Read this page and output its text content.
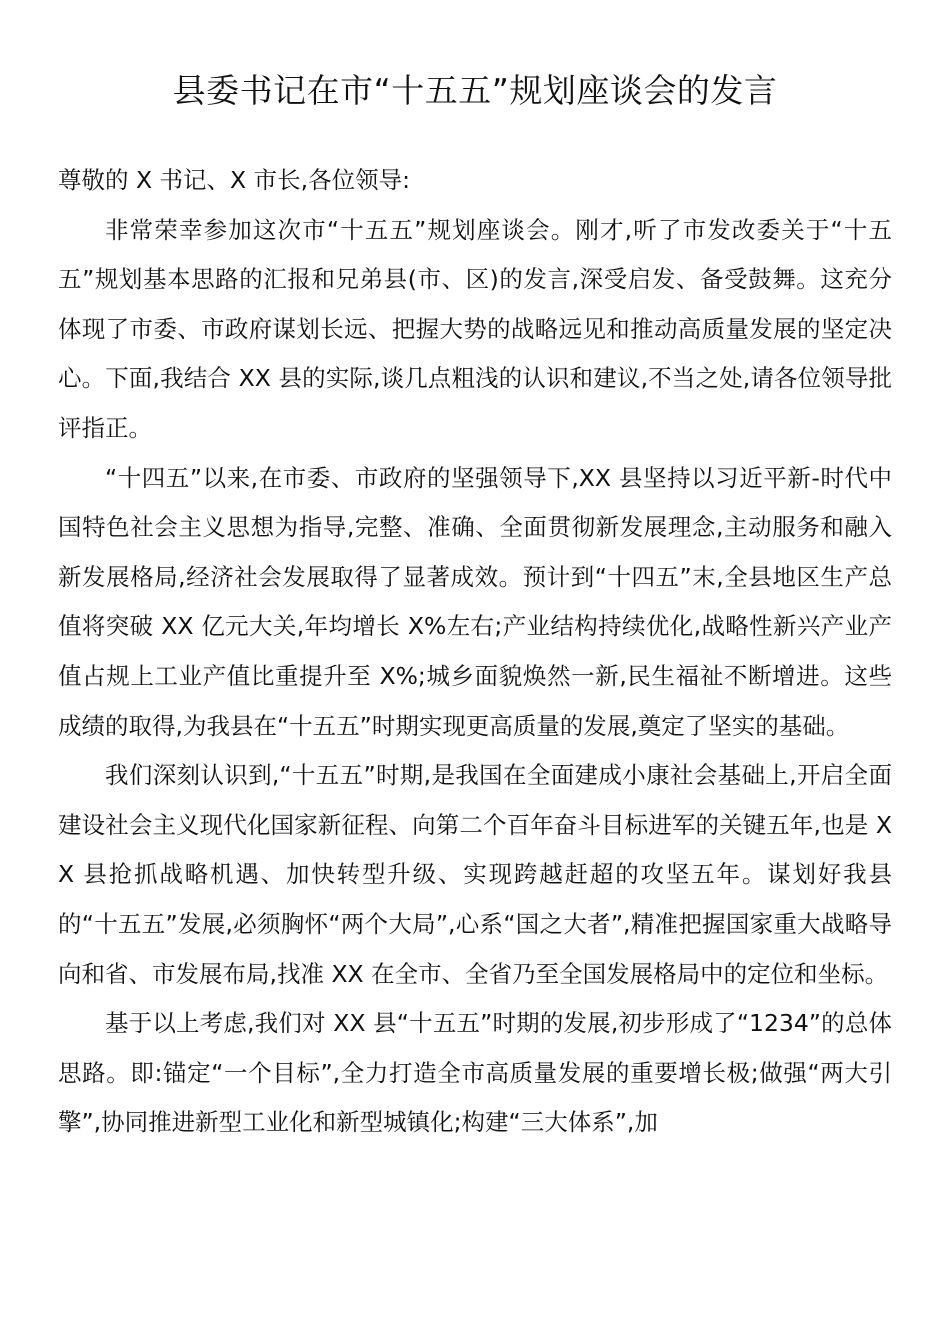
县委书记在市“十五五”规划座谈会的发言

尊敬的 X 书记、X 市长,各位领导:

非常荣幸参加这次市“十五五”规划座谈会。刚才,听了市发改委关于“十五五”规划基本思路的汇报和兄弟县(市、区)的发言,深受启发、备受鼓舞。这充分体现了市委、市政府谋划长远、把握大势的战略远见和推动高质量发展的坚定决心。下面,我结合 XX 县的实际,谈几点粗浅的认识和建议,不当之处,请各位领导批评指正。

“十四五”以来,在市委、市政府的坚强领导下,XX 县坚持以习近平新-时代中国特色社会主义思想为指导,完整、准确、全面贯彻新发展理念,主动服务和融入新发展格局,经济社会发展取得了显著成效。预计到“十四五”末,全县地区生产总值将突破 XX 亿元大关,年均增长 X%左右;产业结构持续优化,战略性新兴产业产值占规上工业产值比重提升至 X%;城乡面貌焕然一新,民生福祉不断增进。这些成绩的取得,为我县在“十五五”时期实现更高质量的发展,奠定了坚实的基础。

我们深刻认识到,“十五五”时期,是我国在全面建成小康社会基础上,开启全面建设社会主义现代化国家新征程、向第二个百年奋斗目标进军的关键五年,也是 XX 县抢抓战略机遇、加快转型升级、实现跨越赶超的攻坚五年。谋划好我县的“十五五”发展,必须胸怀“两个大局”,心系“国之大者”,精准把握国家重大战略导向和省、市发展布局,找准 XX 在全市、全省乃至全国发展格局中的定位和坐标。

基于以上考虑,我们对 XX 县“十五五”时期的发展,初步形成了“1234”的总体思路。即:锚定“一个目标”,全力打造全市高质量发展的重要增长极;做强“两大引擎”,协同推进新型工业化和新型城镇化;构建“三大体系”,加
